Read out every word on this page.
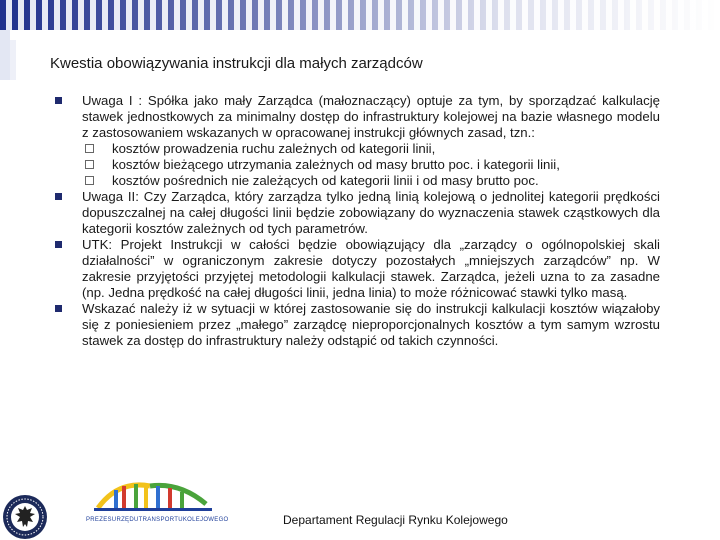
Kwestia obowiązywania instrukcji dla małych zarządców
Uwaga I : Spółka jako mały Zarządca (małoznaczący) optuje za tym, by sporządzać kalkulację stawek jednostkowych za minimalny dostęp do infrastruktury kolejowej na bazie własnego modelu z zastosowaniem wskazanych w opracowanej instrukcji głównych zasad, tzn.:
kosztów prowadzenia ruchu zależnych od kategorii linii,
kosztów bieżącego utrzymania zależnych od masy brutto poc. i kategorii linii,
kosztów pośrednich nie zależących od kategorii linii i od masy brutto poc.
Uwaga II: Czy Zarządca, który zarządza tylko jedną linią kolejową o jednolitej kategorii prędkości dopuszczalnej na całej długości linii będzie zobowiązany do wyznaczenia stawek cząstkowych dla kategorii kosztów zależnych od tych parametrów.
UTK: Projekt Instrukcji w całości będzie obowiązujący dla „zarządcy o ogólnopolskiej skali działalności” w ograniczonym zakresie dotyczy pozostałych „mniejszych zarządców” np. W zakresie przyjętości przyjętej metodologii kalkulacji stawek. Zarządca, jeżeli uzna to za zasadne (np. Jedna prędkość na całej długości linii, jedna linia) to może różnicować stawki tylko masą.
Wskazać należy iż w sytuacji w której zastosowanie się do instrukcji kalkulacji kosztów wiązałoby się z poniesieniem przez „małego” zarządcę nieproporcjonalnych kosztów a tym samym wzrostu stawek za dostęp do infrastruktury należy odstąpić od takich czynności.
PREZESURZĘDUTRANSPORTUKOLEJOWEGO	Departament Regulacji Rynku Kolejowego
